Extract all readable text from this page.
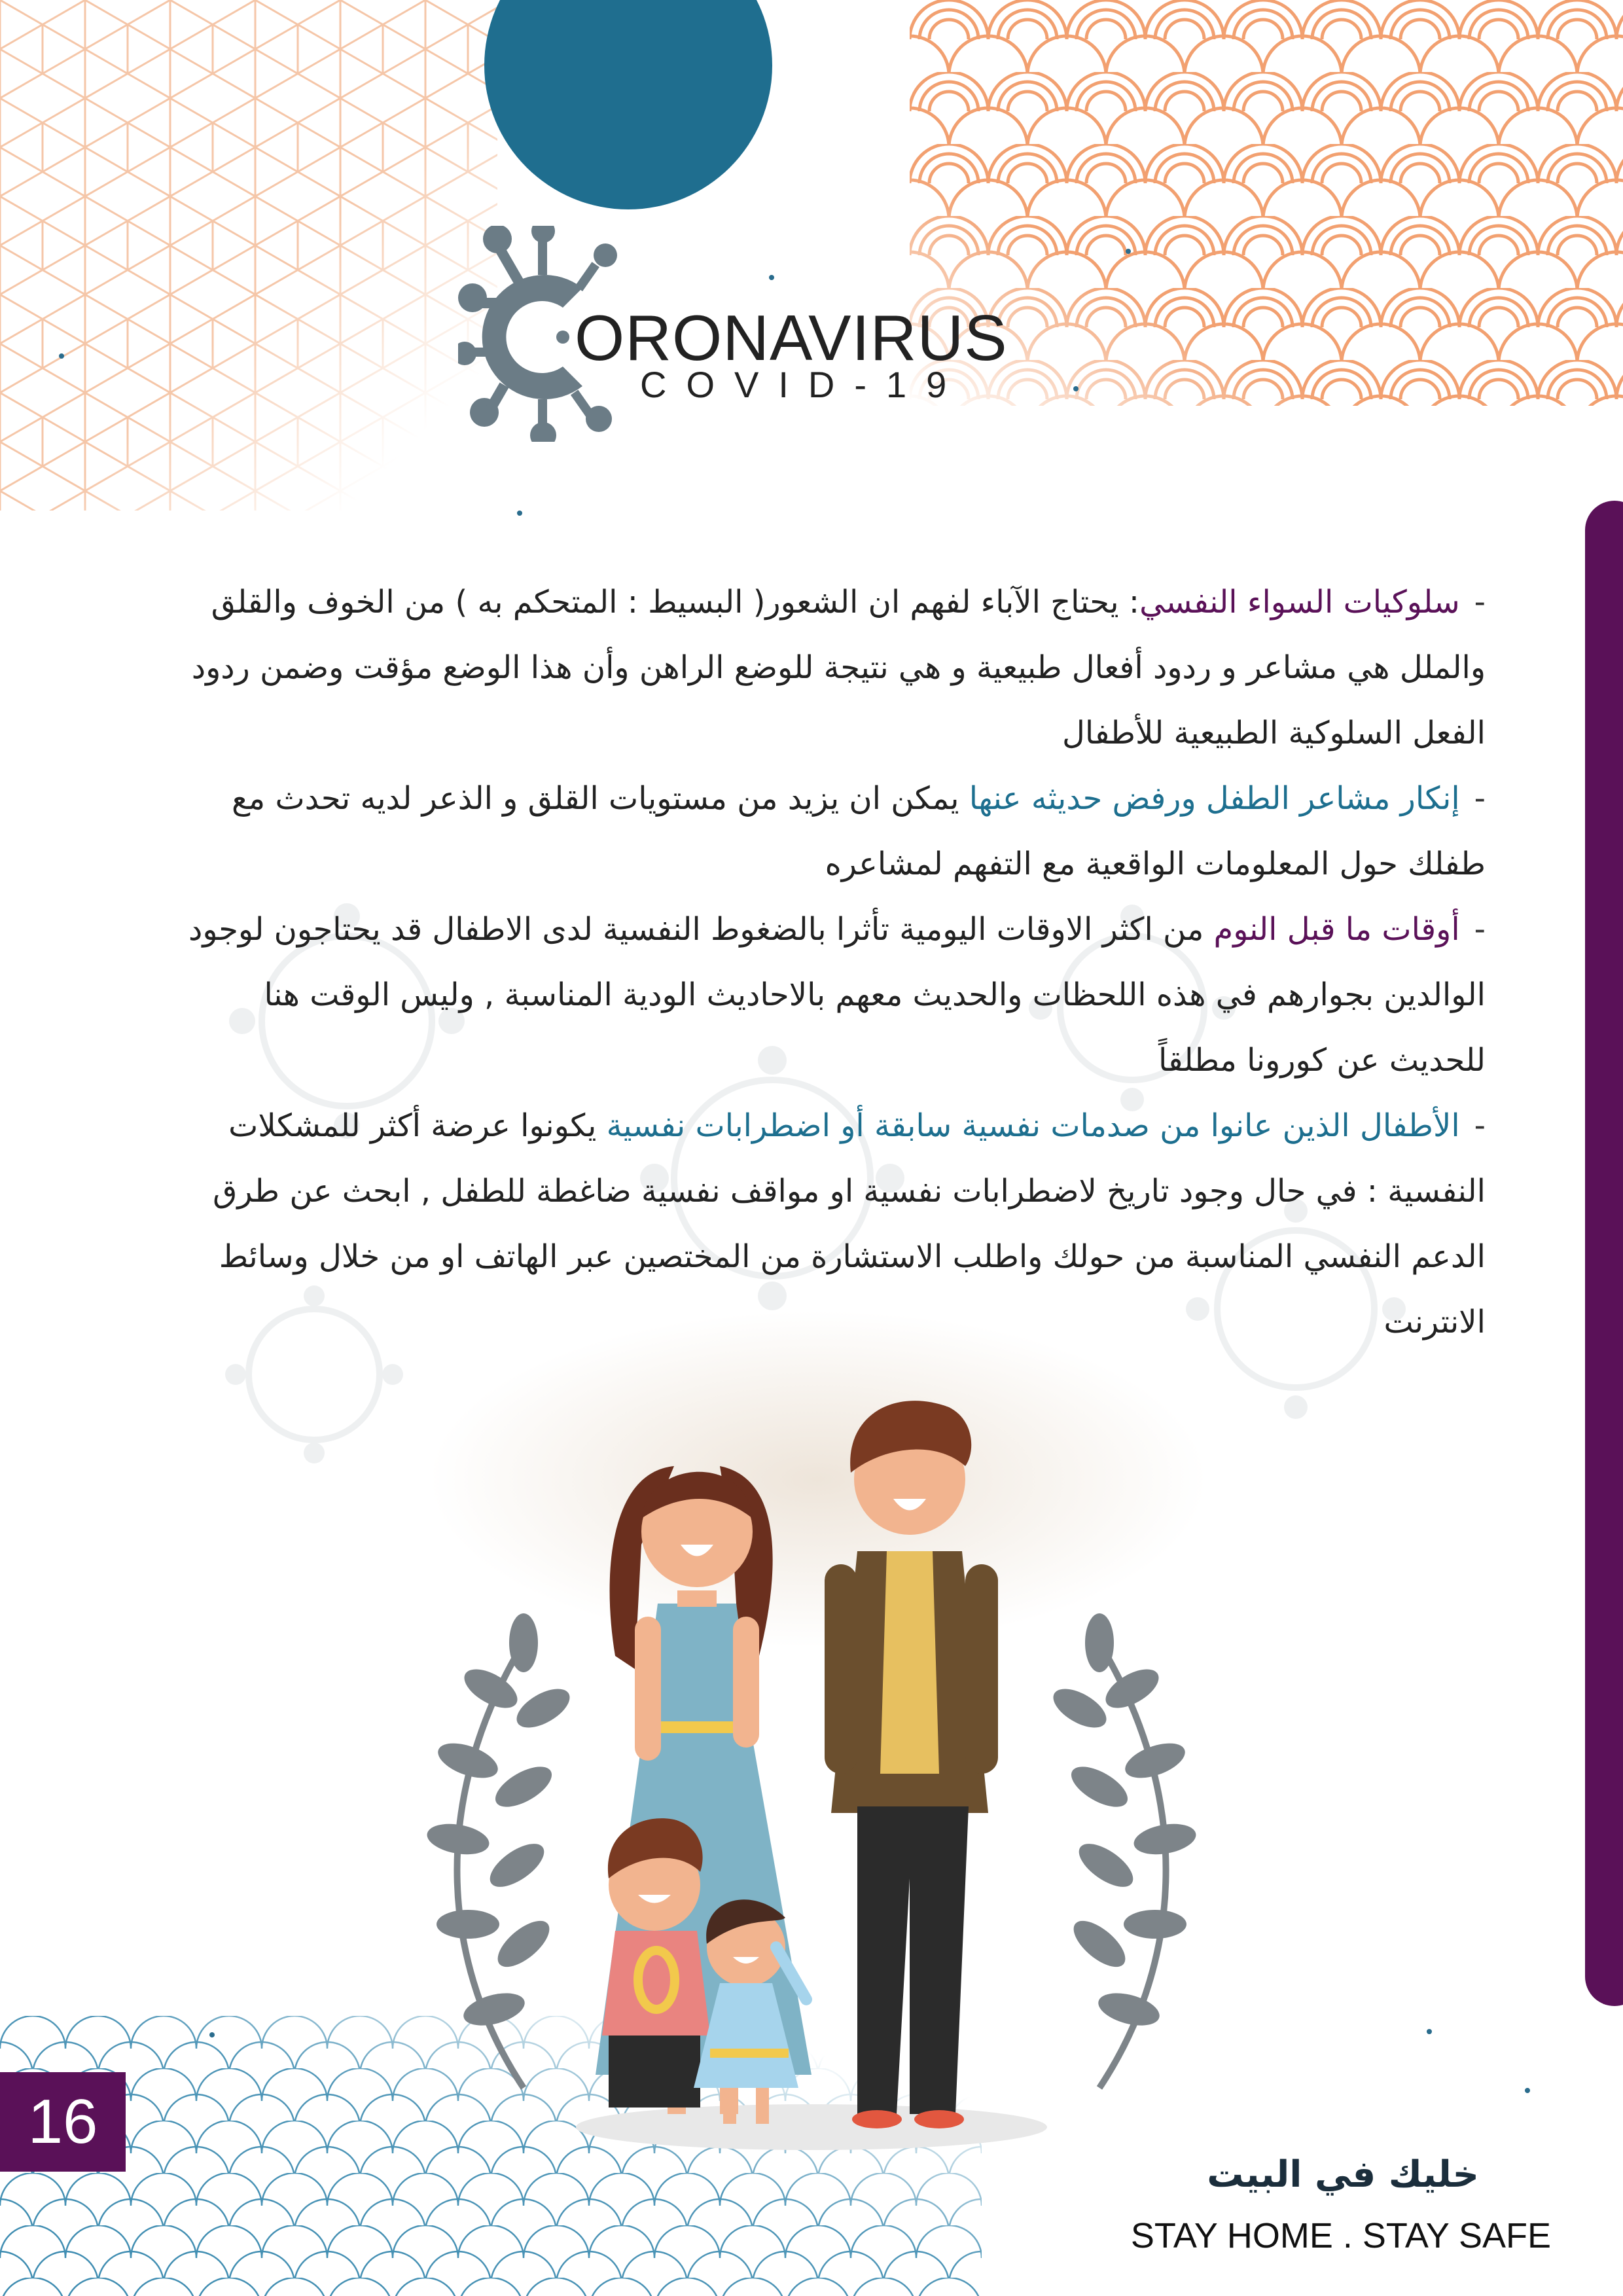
ORONAVIRUS
COVID-19

-سلوكيات السواء النفسي: يحتاج الآباء لفهم ان الشعور( البسيط : المتحكم به ) من الخوف والقلق والملل هي مشاعر و ردود أفعال طبيعية و هي نتيجة للوضع الراهن وأن هذا الوضع مؤقت وضمن ردود الفعل السلوكية الطبيعية للأطفال

-إنكار مشاعر الطفل ورفض حديثه عنها يمكن ان يزيد من مستويات القلق و الذعر لديه تحدث مع طفلك حول المعلومات الواقعية مع التفهم لمشاعره

-أوقات ما قبل النوم من اكثر الاوقات اليومية تأثرا بالضغوط النفسية لدى الاطفال قد يحتاجون لوجود الوالدين بجوارهم في هذه اللحظات والحديث معهم بالاحاديث الودية المناسبة , وليس الوقت هنا للحديث عن كورونا مطلقاً

-الأطفال الذين عانوا من صدمات نفسية سابقة أو اضطرابات نفسية يكونوا عرضة أكثر للمشكلات النفسية : في حال وجود تاريخ لاضطرابات نفسية او مواقف نفسية ضاغطة للطفل , ابحث عن طرق الدعم النفسي المناسبة من حولك واطلب الاستشارة من المختصين عبر الهاتف او من خلال وسائط الانترنت

16
خليك في البيت
STAY HOME . STAY SAFE
